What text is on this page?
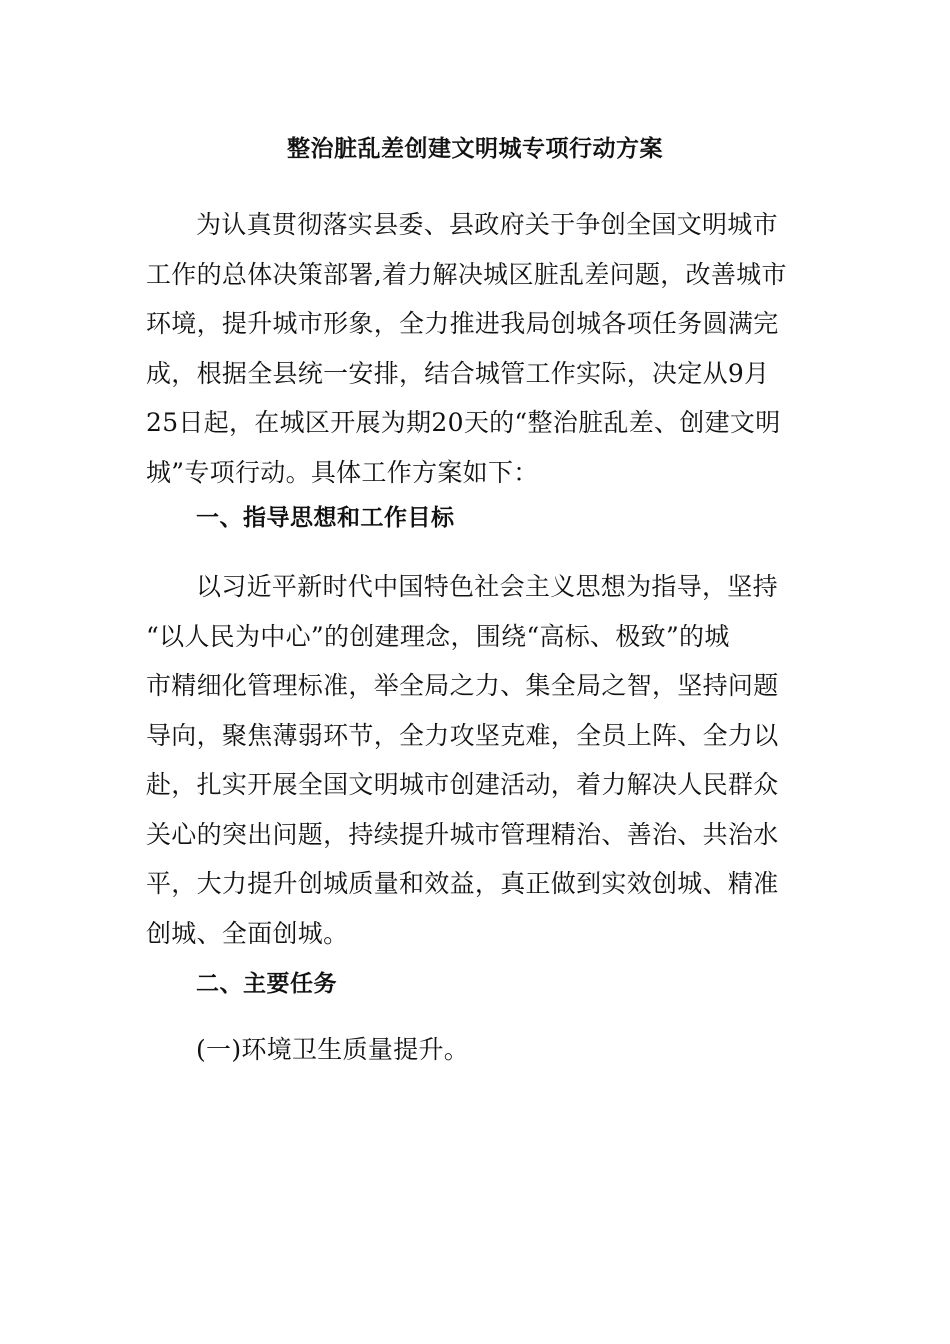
整治脏乱差创建文明城专项行动方案
为认真贯彻落实县委、县政府关于争创全国文明城市
工作的总体决策部署,着力解决城区脏乱差问题，改善城市
环境，提升城市形象，全力推进我局创城各项任务圆满完
成，根据全县统一安排，结合城管工作实际，决定从9月
25日起，在城区开展为期20天的“整治脏乱差、创建文明
城”专项行动。具体工作方案如下：
一、指导思想和工作目标
以习近平新时代中国特色社会主义思想为指导，坚持
“以人民为中心”的创建理念，围绕“高标、极致”的城
市精细化管理标准，举全局之力、集全局之智，坚持问题
导向，聚焦薄弱环节，全力攻坚克难，全员上阵、全力以
赴，扎实开展全国文明城市创建活动，着力解决人民群众
关心的突出问题，持续提升城市管理精治、善治、共治水
平，大力提升创城质量和效益，真正做到实效创城、精准
创城、全面创城。
二、主要任务

(一)环境卫生质量提升。
